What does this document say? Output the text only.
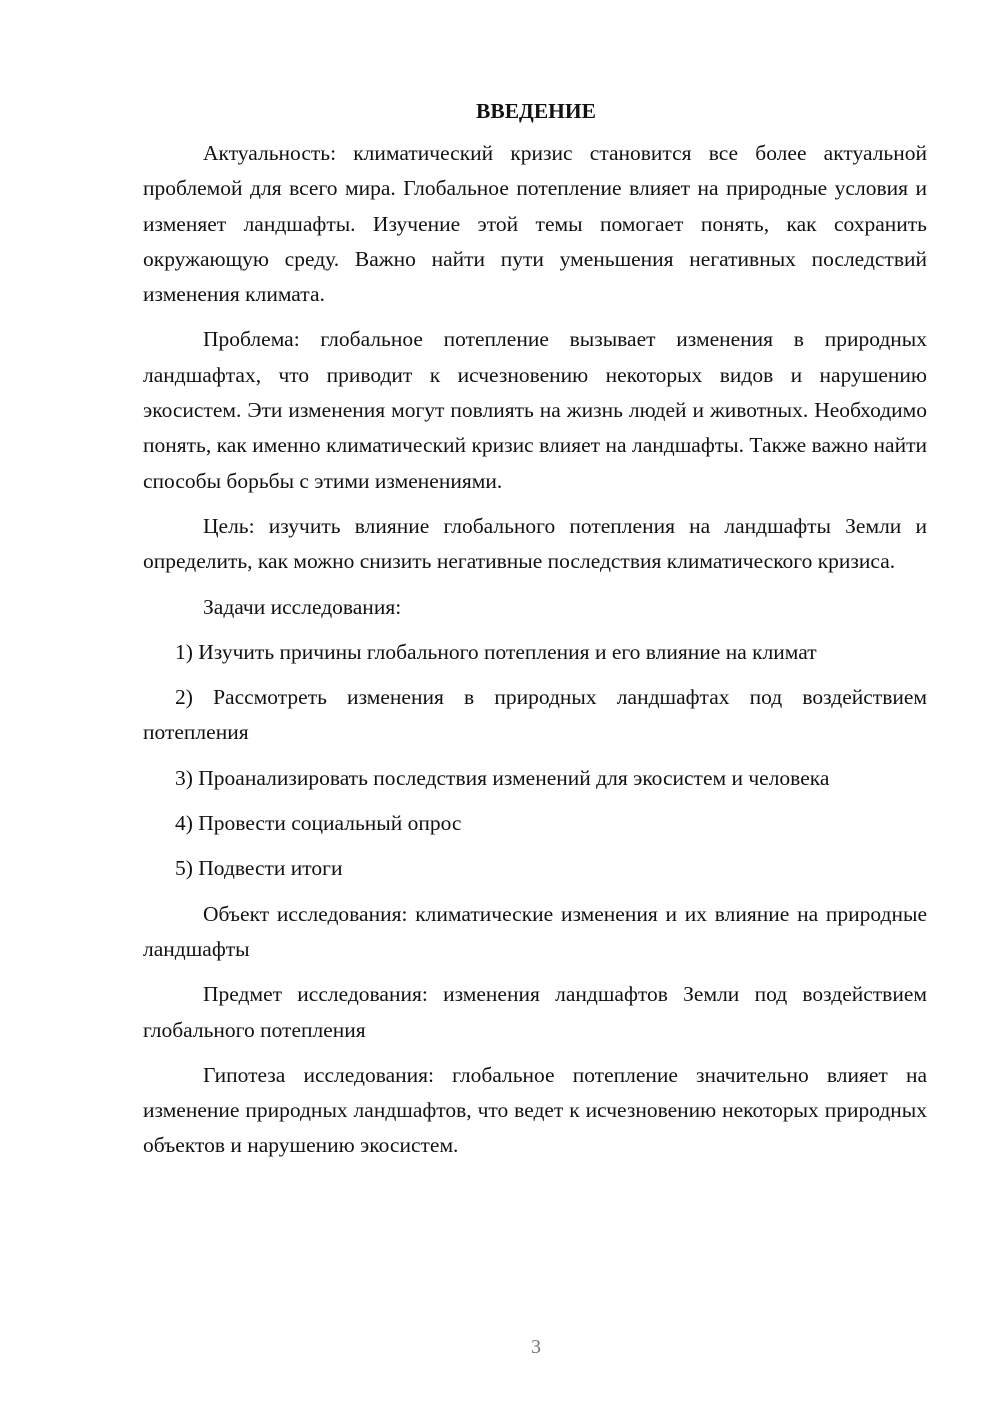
ВВЕДЕНИЕ

Актуальность: климатический кризис становится все более актуальной проблемой для всего мира. Глобальное потепление влияет на природные условия и изменяет ландшафты. Изучение этой темы помогает понять, как сохранить окружающую среду. Важно найти пути уменьшения негативных последствий изменения климата.

Проблема: глобальное потепление вызывает изменения в природных ландшафтах, что приводит к исчезновению некоторых видов и нарушению экосистем. Эти изменения могут повлиять на жизнь людей и животных. Необходимо понять, как именно климатический кризис влияет на ландшафты. Также важно найти способы борьбы с этими изменениями.

Цель: изучить влияние глобального потепления на ландшафты Земли и определить, как можно снизить негативные последствия климатического кризиса.

Задачи исследования:

1) Изучить причины глобального потепления и его влияние на климат

2) Рассмотреть изменения в природных ландшафтах под воздействием потепления

3) Проанализировать последствия изменений для экосистем и человека

4) Провести социальный опрос

5) Подвести итоги

Объект исследования: климатические изменения и их влияние на природные ландшафты

Предмет исследования: изменения ландшафтов Земли под воздействием глобального потепления

Гипотеза исследования: глобальное потепление значительно влияет на изменение природных ландшафтов, что ведет к исчезновению некоторых природных объектов и нарушению экосистем.

3
